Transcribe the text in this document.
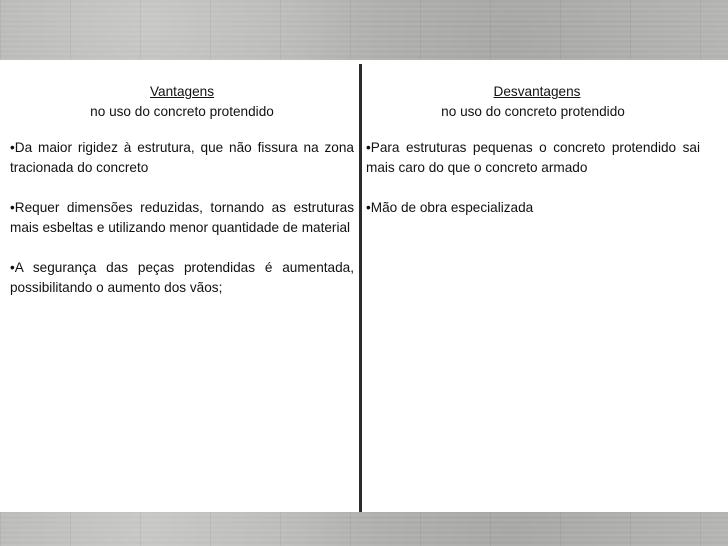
Vantagens
no uso do concreto protendido

•Da maior rigidez à estrutura, que não fissura na zona tracionada do concreto

•Requer dimensões reduzidas, tornando as estruturas mais esbeltas e utilizando menor quantidade de material

•A segurança das peças protendidas é aumentada, possibilitando o aumento dos vãos;

Desvantagens
no uso do concreto protendido

•Para estruturas pequenas o concreto protendido sai mais caro do que o concreto armado

•Mão de obra especializada
